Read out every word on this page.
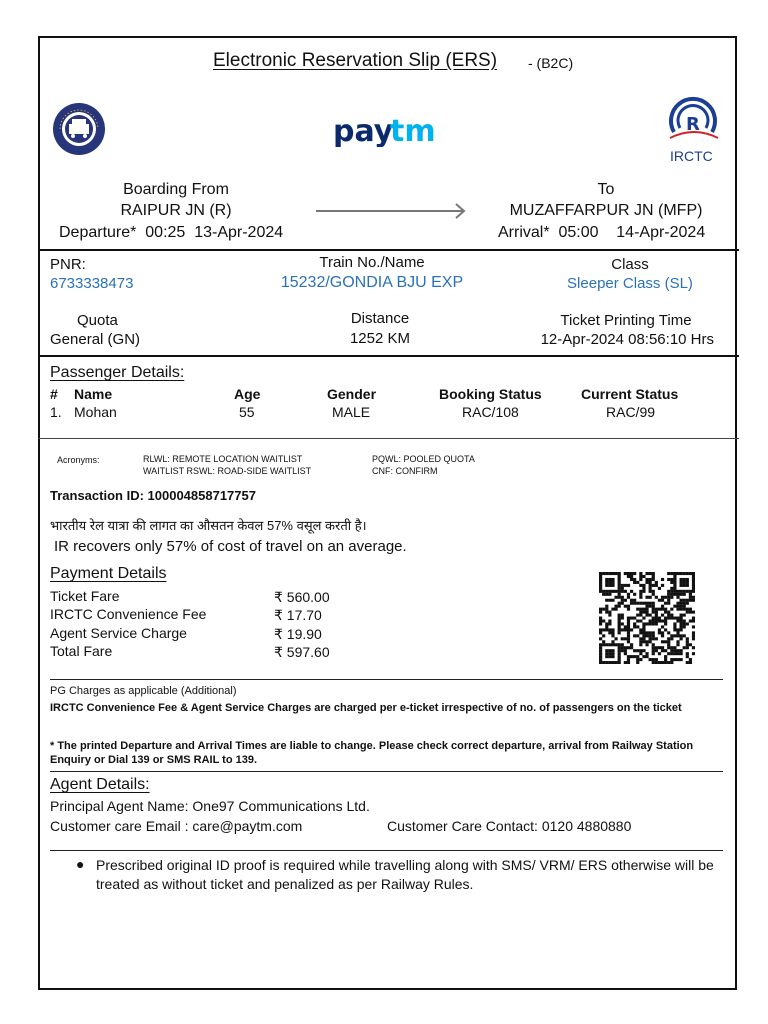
Electronic Reservation Slip (ERS) - (B2C)
pay
tm	R
IRCTC
Boarding From
RAIPUR JN (R)
Departure*  00:25  13-Apr-2024
To
MUZAFFARPUR JN (MFP)
Arrival*  05:00    14-Apr-2024
PNR:
6733338473
Train No./Name
15232/GONDIA BJU EXP
Class
Sleeper Class (SL)
Quota
General (GN)
Distance
1252 KM
Ticket Printing Time
12-Apr-2024 08:56:10 Hrs
Passenger Details:
# Name	Age	Gender	Booking Status	Current Status
1. Mohan	55	MALE	RAC/108	RAC/99
Acronyms:	RLWL: REMOTE LOCATION WAITLIST
WAITLIST RSWL: ROAD-SIDE WAITLIST
PQWL: POOLED QUOTA
CNF: CONFIRM
Transaction ID: 100004858717757
भारतीय रेल यात्रा की लागत का औसतन केवल 57% वसूल करती है।
IR recovers only 57% of cost of travel on an average.
Payment Details
Ticket Fare	₹ 560.00
IRCTC Convenience Fee	₹ 17.70
Agent Service Charge	₹ 19.90
Total Fare	₹ 597.60
PG Charges as applicable (Additional)
IRCTC Convenience Fee & Agent Service Charges are charged per e-ticket irrespective of no. of passengers on the ticket
* The printed Departure and Arrival Times are liable to change. Please check correct departure, arrival from Railway Station Enquiry or Dial 139 or SMS RAIL to 139.
Agent Details:
Principal Agent Name: One97 Communications Ltd.
Customer care Email : care@paytm.com	Customer Care Contact: 0120 4880880
● Prescribed original ID proof is required while travelling along with SMS/ VRM/ ERS otherwise will be treated as without ticket and penalized as per Railway Rules.
